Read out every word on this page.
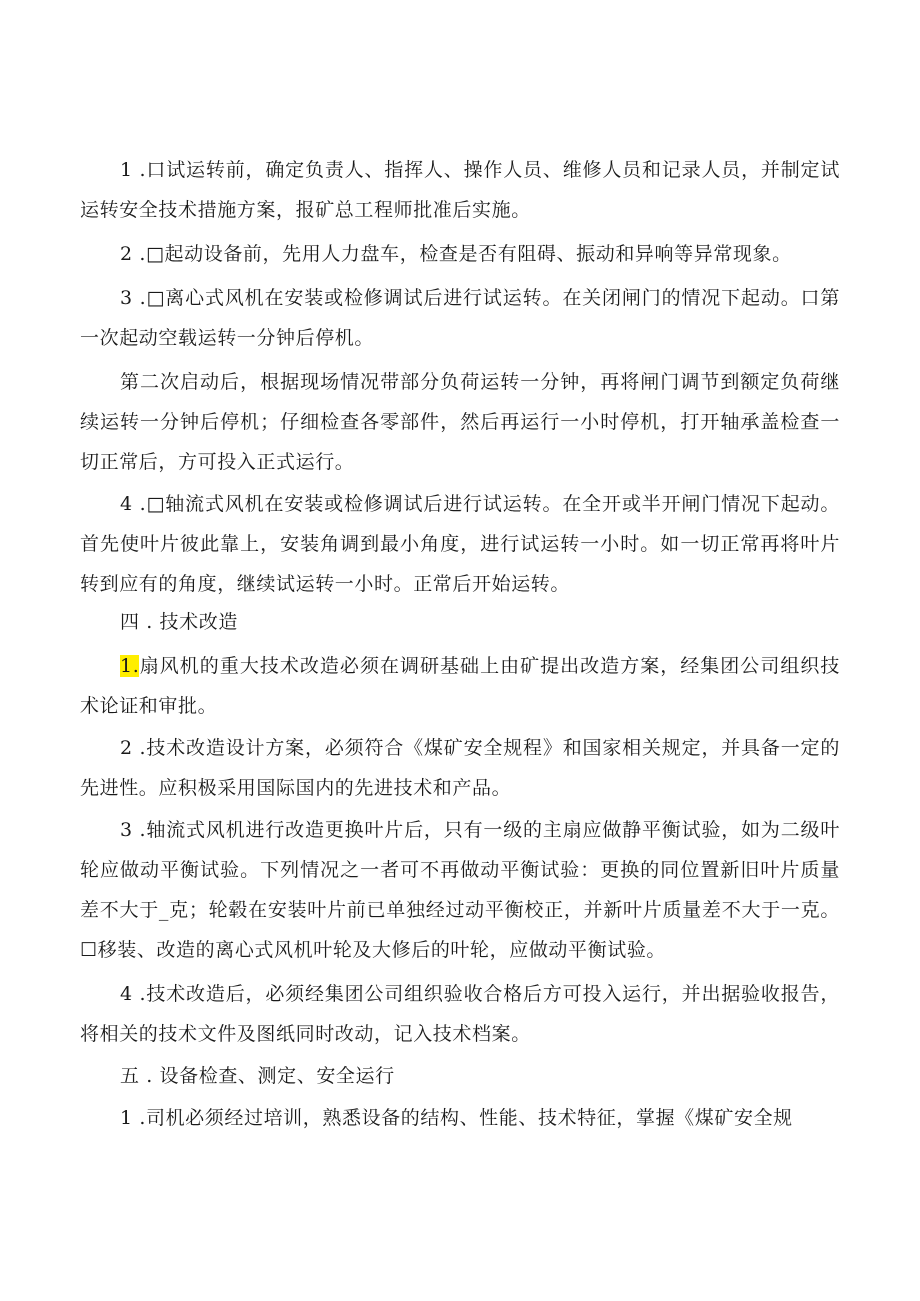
1 .口试运转前，确定负责人、指挥人、操作人员、维修人员和记录人员，并制定试运转安全技术措施方案，报矿总工程师批准后实施。

2 .□起动设备前，先用人力盘车，检查是否有阻碍、振动和异响等异常现象。

3 .□离心式风机在安装或检修调试后进行试运转。在关闭闸门的情况下起动。口第一次起动空载运转一分钟后停机。

第二次启动后，根据现场情况带部分负荷运转一分钟，再将闸门调节到额定负荷继续运转一分钟后停机；仔细检查各零部件，然后再运行一小时停机，打开轴承盖检查一切正常后，方可投入正式运行。

4 .□轴流式风机在安装或检修调试后进行试运转。在全开或半开闸门情况下起动。首先使叶片彼此靠上，安装角调到最小角度，进行试运转一小时。如一切正常再将叶片转到应有的角度，继续试运转一小时。正常后开始运转。

四 . 技术改造

1.扇风机的重大技术改造必须在调研基础上由矿提出改造方案，经集团公司组织技术论证和审批。

2 .技术改造设计方案，必须符合《煤矿安全规程》和国家相关规定，并具备一定的先进性。应积极采用国际国内的先进技术和产品。

3 .轴流式风机进行改造更换叶片后，只有一级的主扇应做静平衡试验，如为二级叶轮应做动平衡试验。下列情况之一者可不再做动平衡试验：更换的同位置新旧叶片质量差不大于_克；轮毂在安装叶片前已单独经过动平衡校正，并新叶片质量差不大于一克。☐移装、改造的离心式风机叶轮及大修后的叶轮，应做动平衡试验。

4 .技术改造后，必须经集团公司组织验收合格后方可投入运行，并出据验收报告，将相关的技术文件及图纸同时改动，记入技术档案。

五 . 设备检查、测定、安全运行

1 .司机必须经过培训，熟悉设备的结构、性能、技术特征，掌握《煤矿安全规
